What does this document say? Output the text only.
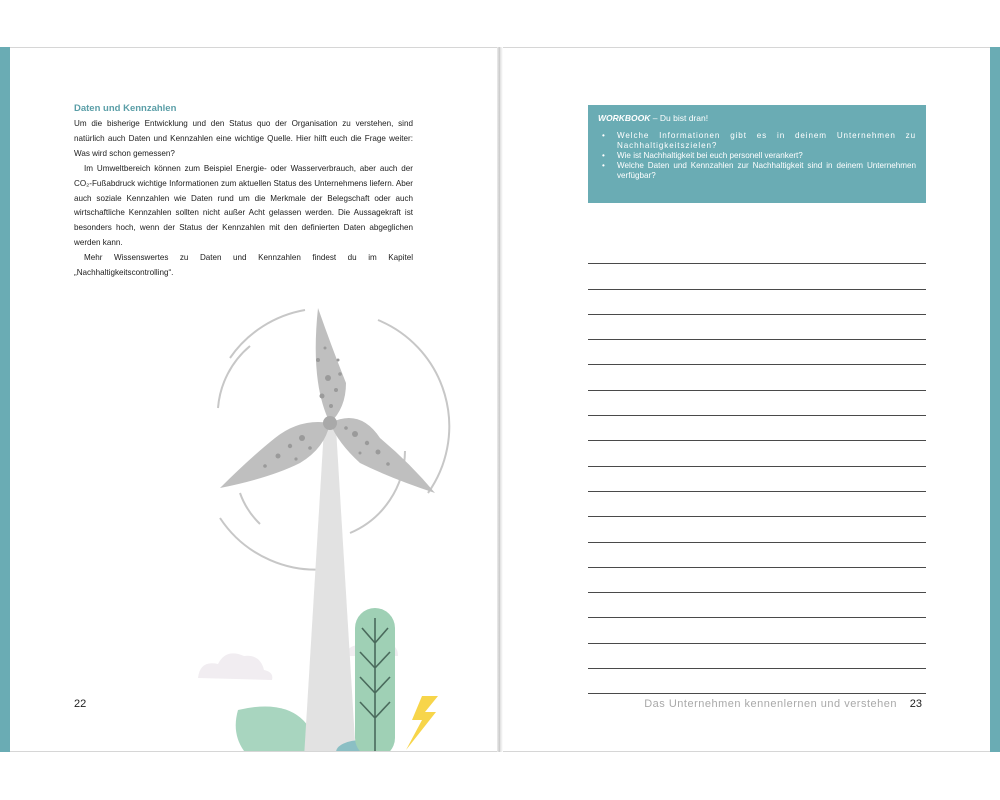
Daten und Kennzahlen

Um die bisherige Entwicklung und den Status quo der Organisation zu verstehen, sind natürlich auch Daten und Kennzahlen eine wichtige Quelle. Hier hilft euch die Frage weiter: Was wird schon gemessen?

Im Umweltbereich können zum Beispiel Energie- oder Wasserverbrauch, aber auch der CO₂-Fußabdruck wichtige Informationen zum aktuellen Status des Unternehmens liefern. Aber auch soziale Kennzahlen wie Daten rund um die Merkmale der Belegschaft oder auch wirtschaftliche Kennzahlen sollten nicht außer Acht gelassen werden. Die Aussagekraft ist besonders hoch, wenn der Status der Kennzahlen mit den definierten Daten abgeglichen werden kann.

Mehr Wissenswertes zu Daten und Kennzahlen findest du im Kapitel „Nachhaltigkeitscontrolling“.

22
WORKBOOK – Du bist dran!
• Welche Informationen gibt es in deinem Unternehmen zu Nachhaltigkeitszielen?
• Wie ist Nachhaltigkeit bei euch personell verankert?
• Welche Daten und Kennzahlen zur Nachhaltigkeit sind in deinem Unternehmen verfügbar?
Das Unternehmen kennenlernen und verstehen 23
